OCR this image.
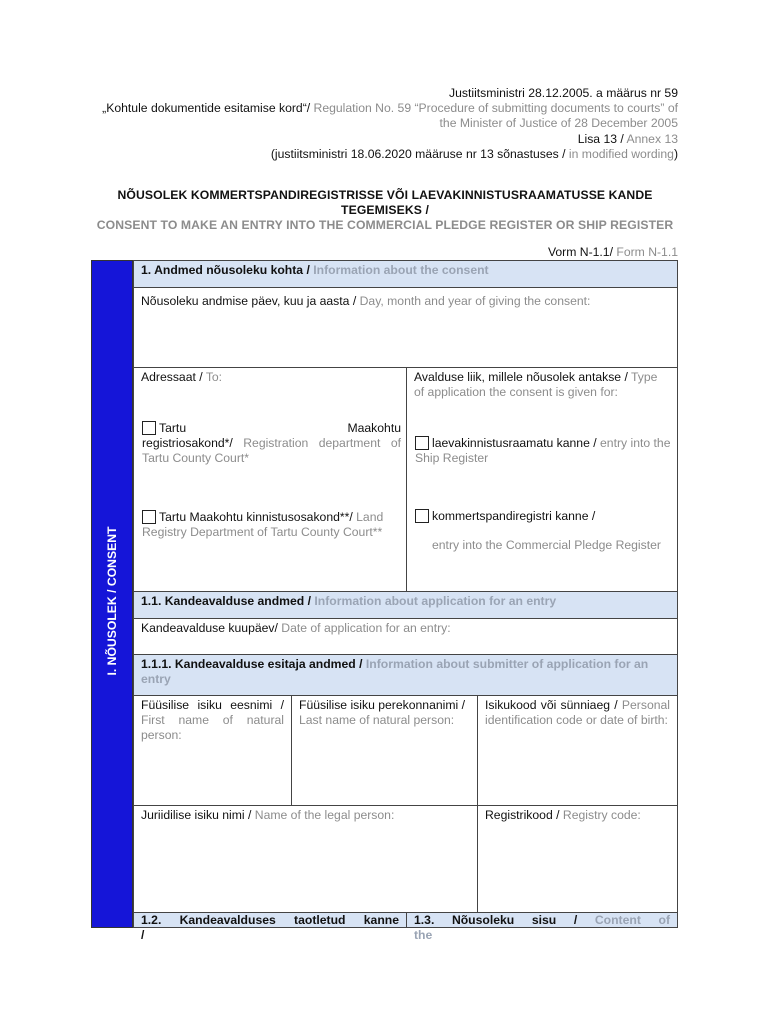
Justiitsministri 28.12.2005. a määrus nr 59
„Kohtule dokumentide esitamise kord“/ Regulation No. 59 “Procedure of submitting documents to courts” of the Minister of Justice of 28 December 2005
Lisa 13 / Annex 13
(justiitsministri 18.06.2020 määruse nr 13 sõnastuses / in modified wording)
NÕUSOLEK KOMMERTSPANDIREGISTRISSE VÕI LAEVAKINNISTUSRAAMATUSSE KANDE TEGEMISEKS /
CONSENT TO MAKE AN ENTRY INTO THE COMMERCIAL PLEDGE REGISTER OR SHIP REGISTER
Vorm N-1.1/ Form N-1.1
I. NÕUSOLEK / CONSENT
1. Andmed nõusoleku kohta / Information about the consent
Nõusoleku andmise päev, kuu ja aasta / Day, month and year of giving the consent:
Adressaat / To:
Tartu Maakohtu registriosakond*/ Registration department of Tartu County Court*
Tartu Maakohtu kinnistusosakond**/ Land Registry Department of Tartu County Court**
Avalduse liik, millele nõusolek antakse / Type of application the consent is given for:
laevakinnistusraamatu kanne / entry into the Ship Register
kommertspandiregistri kanne /
entry into the Commercial Pledge Register
1.1. Kandeavalduse andmed / Information about application for an entry
Kandeavalduse kuupäev/ Date of application for an entry:
1.1.1. Kandeavalduse esitaja andmed / Information about submitter of application for an entry
Füüsilise isiku eesnimi / First name of natural person:
Füüsilise isiku perekonnanimi / Last name of natural person:
Isikukood või sünniaeg / Personal identification code or date of birth:
Juriidilise isiku nimi / Name of the legal person:	Registrikood / Registry code:
1.2. Kandeavalduses taotletud kanne /
1.3. Nõusoleku sisu / Content of the
